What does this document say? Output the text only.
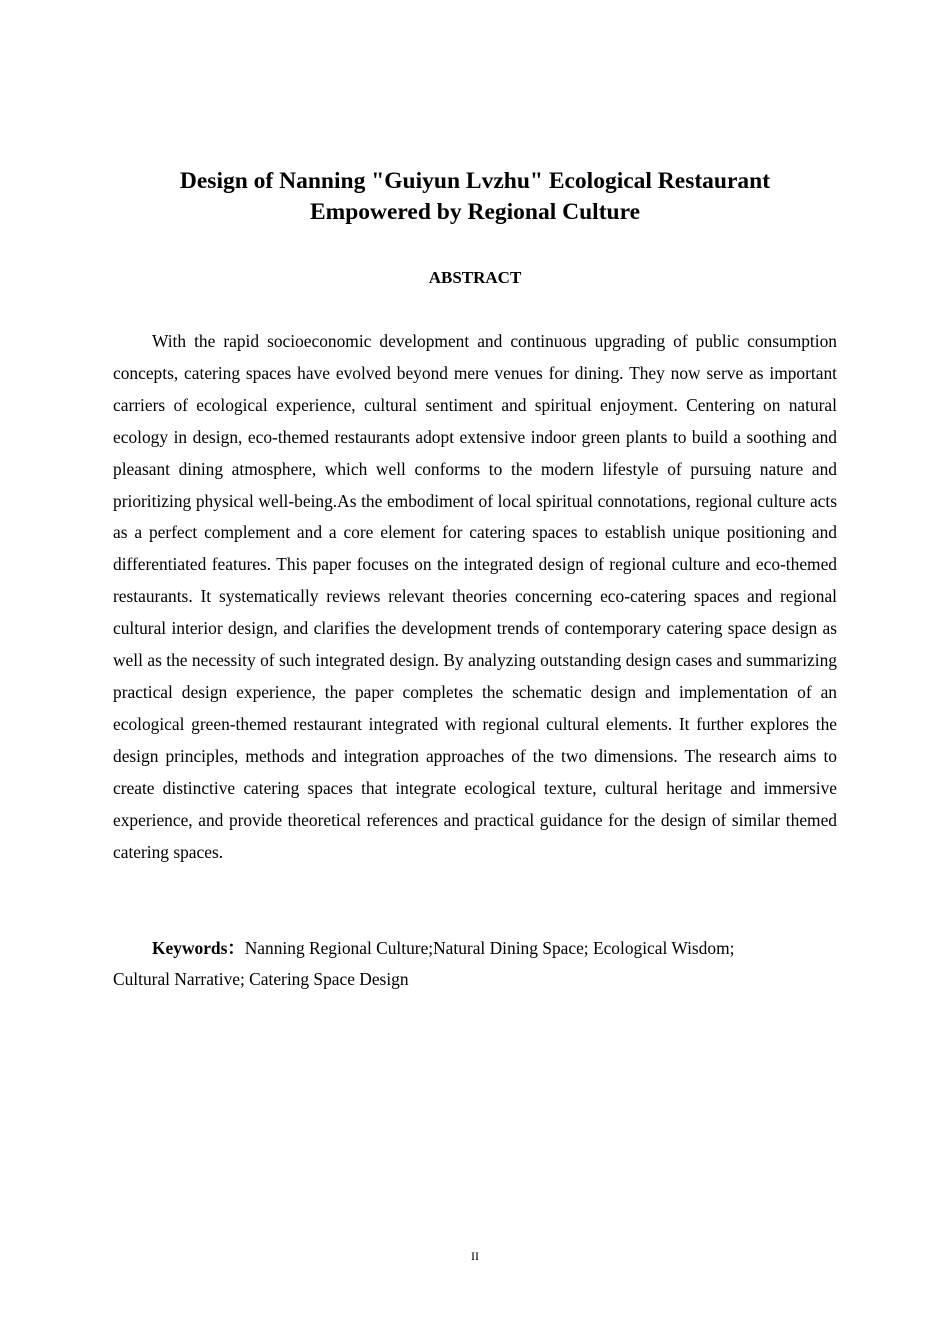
Design of Nanning "Guiyun Lvzhu" Ecological Restaurant
Empowered by Regional Culture
ABSTRACT

With the rapid socioeconomic development and continuous upgrading of public consumption concepts, catering spaces have evolved beyond mere venues for dining. They now serve as important carriers of ecological experience, cultural sentiment and spiritual enjoyment. Centering on natural ecology in design, eco-themed restaurants adopt extensive indoor green plants to build a soothing and pleasant dining atmosphere, which well conforms to the modern lifestyle of pursuing nature and prioritizing physical well-being.As the embodiment of local spiritual connotations, regional culture acts as a perfect complement and a core element for catering spaces to establish unique positioning and differentiated features. This paper focuses on the integrated design of regional culture and eco-themed restaurants. It systematically reviews relevant theories concerning eco-catering spaces and regional cultural interior design, and clarifies the development trends of contemporary catering space design as well as the necessity of such integrated design. By analyzing outstanding design cases and summarizing practical design experience, the paper completes the schematic design and implementation of an ecological green-themed restaurant integrated with regional cultural elements. It further explores the design principles, methods and integration approaches of the two dimensions. The research aims to create distinctive catering spaces that integrate ecological texture, cultural heritage and immersive experience, and provide theoretical references and practical guidance for the design of similar themed catering spaces.

Keywords：Nanning Regional Culture;Natural Dining Space; Ecological Wisdom;
Cultural Narrative; Catering Space Design

II
